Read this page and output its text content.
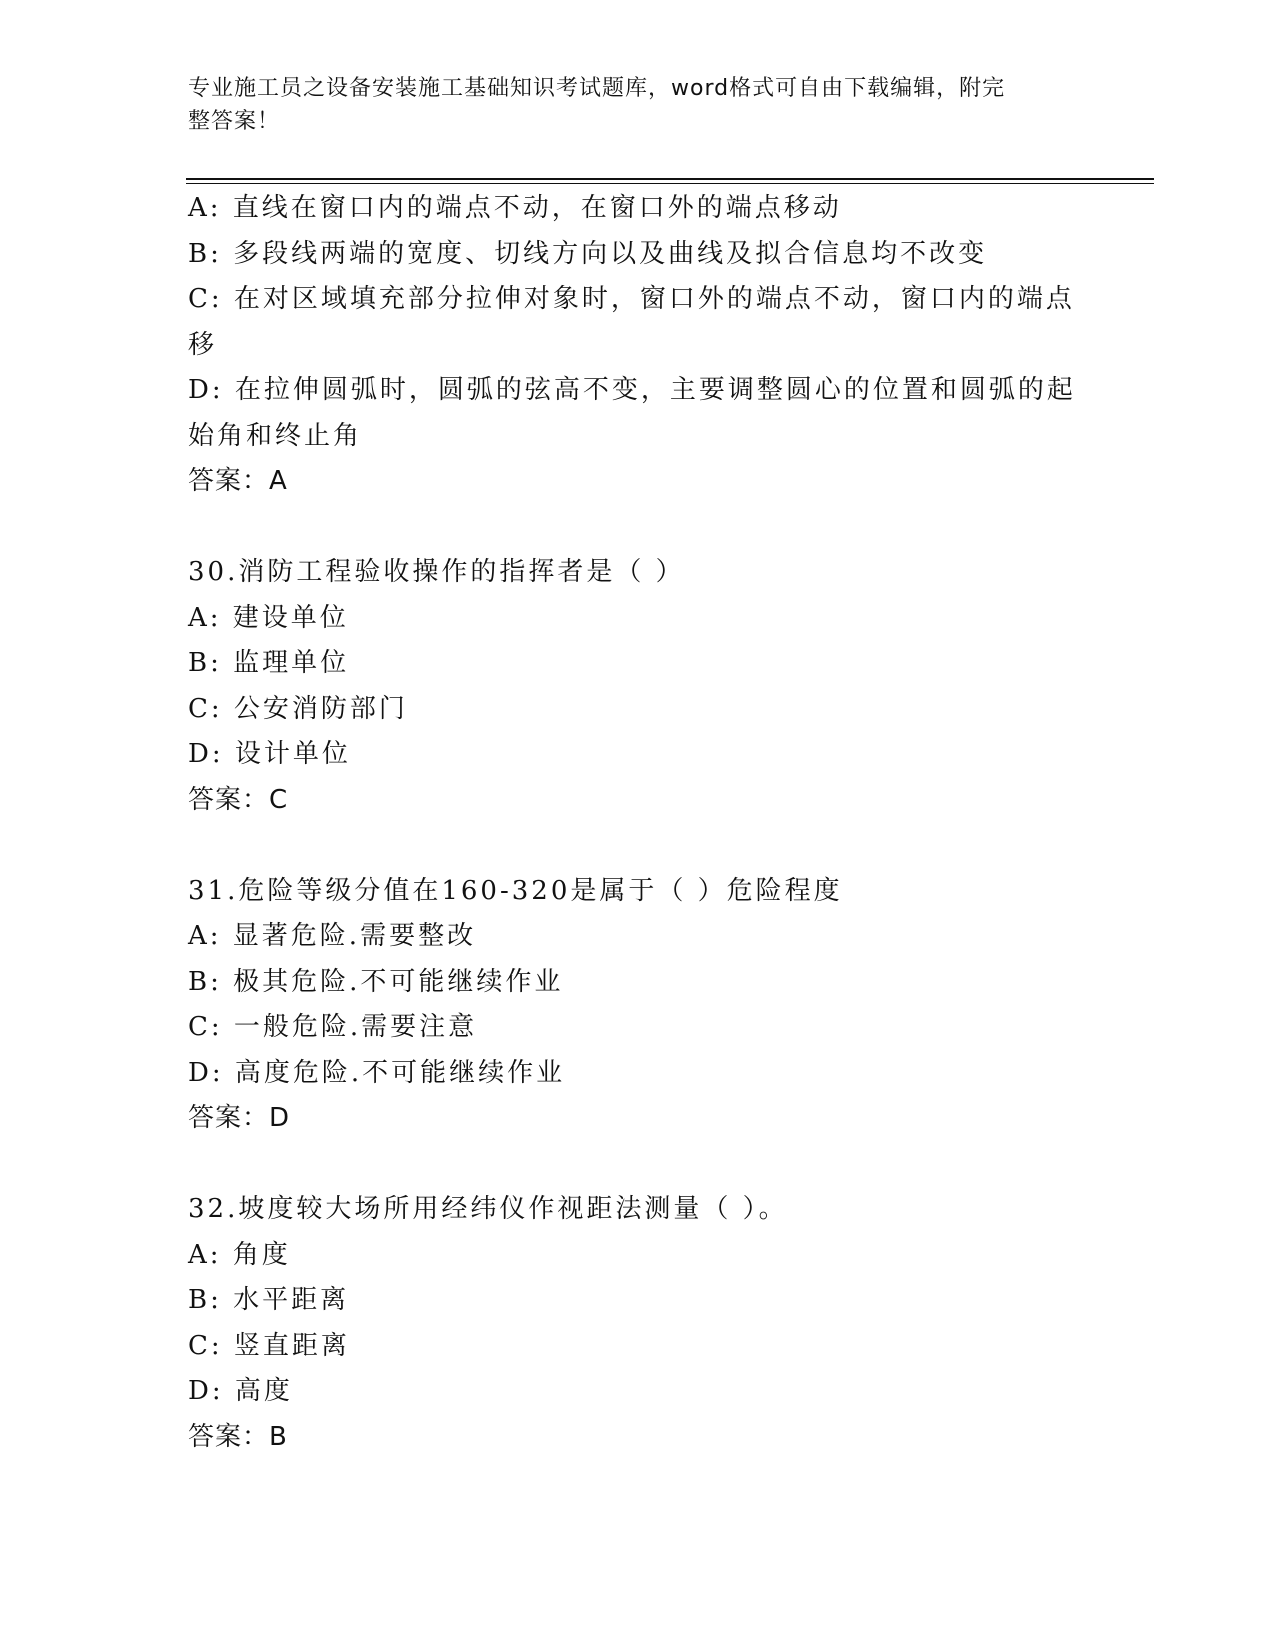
专业施工员之设备安装施工基础知识考试题库，word格式可自由下载编辑，附完
整答案！

A: 直线在窗口内的端点不动，在窗口外的端点移动

B: 多段线两端的宽度、切线方向以及曲线及拟合信息均不改变

C: 在对区域填充部分拉伸对象时，窗口外的端点不动，窗口内的端点

移

D: 在拉伸圆弧时，圆弧的弦高不变，主要调整圆心的位置和圆弧的起

始角和终止角

答案：A

30.消防工程验收操作的指挥者是（ ）

A: 建设单位

B: 监理单位

C: 公安消防部门

D: 设计单位

答案：C

31.危险等级分值在160-320是属于（ ）危险程度

A: 显著危险.需要整改

B: 极其危险.不可能继续作业

C: 一般危险.需要注意

D: 高度危险.不可能继续作业

答案：D

32.坡度较大场所用经纬仪作视距法测量（ ）。

A: 角度

B: 水平距离

C: 竖直距离

D: 高度

答案：B
